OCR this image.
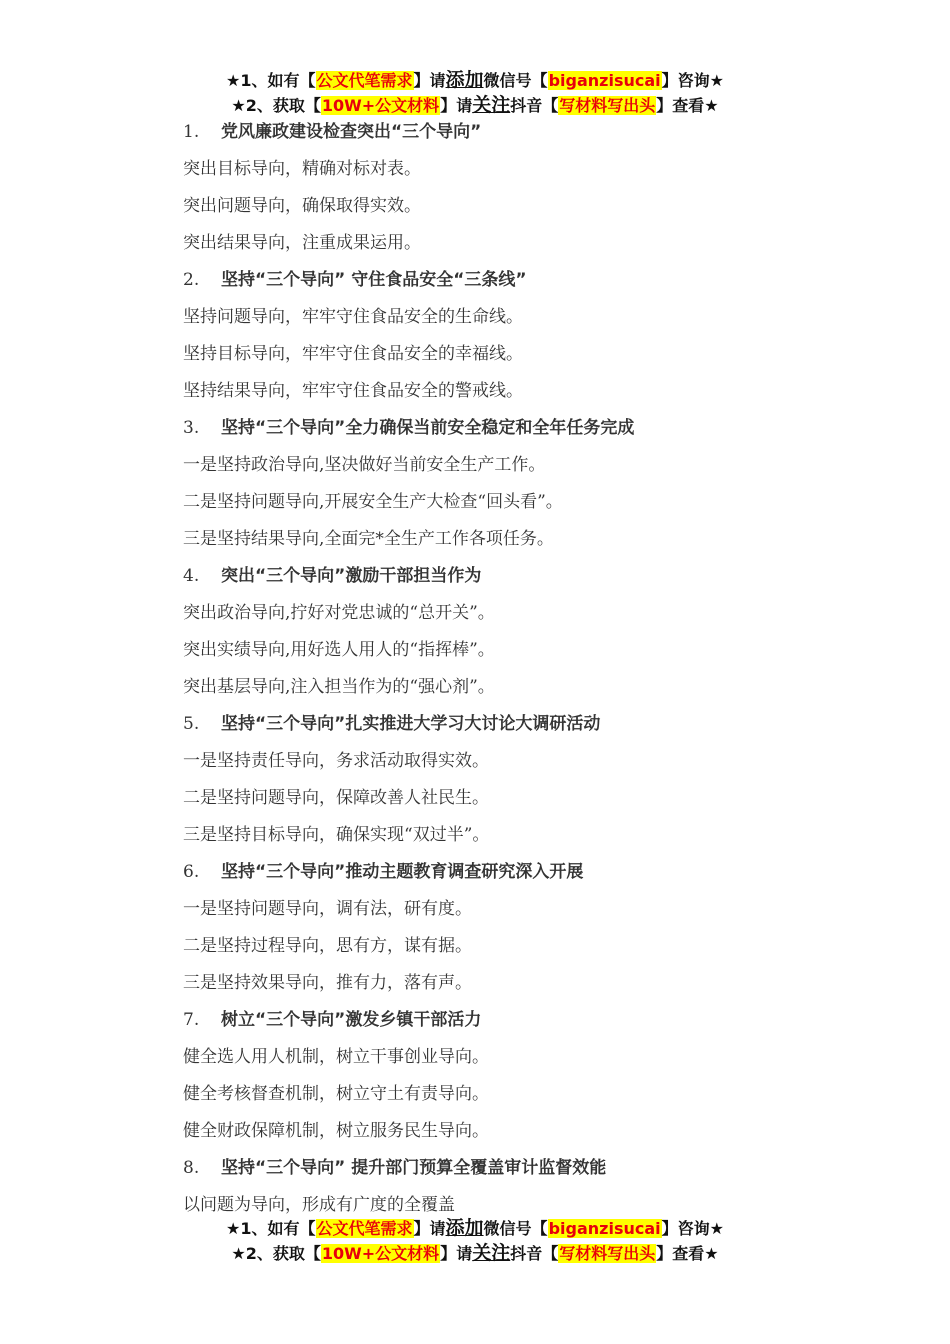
★1、如有【公文代笔需求】请添加微信号【biganzisucai】咨询★
★2、获取【10W+公文材料】请关注抖音【写材料写出头】查看★
1. 党风廉政建设检查突出“三个导向”
突出目标导向，精确对标对表。
突出问题导向，确保取得实效。
突出结果导向，注重成果运用。
2. 坚持“三个导向” 守住食品安全“三条线”
坚持问题导向，牢牢守住食品安全的生命线。
坚持目标导向，牢牢守住食品安全的幸福线。
坚持结果导向，牢牢守住食品安全的警戒线。
3. 坚持“三个导向”全力确保当前安全稳定和全年任务完成
一是坚持政治导向,坚决做好当前安全生产工作。
二是坚持问题导向,开展安全生产大检查“回头看”。
三是坚持结果导向,全面完*全生产工作各项任务。
4. 突出“三个导向”激励干部担当作为
突出政治导向,拧好对党忠诚的“总开关”。
突出实绩导向,用好选人用人的“指挥棒”。
突出基层导向,注入担当作为的“强心剂”。
5. 坚持“三个导向”扎实推进大学习大讨论大调研活动
一是坚持责任导向，务求活动取得实效。
二是坚持问题导向，保障改善人社民生。
三是坚持目标导向，确保实现“双过半”。
6. 坚持“三个导向”推动主题教育调查研究深入开展
一是坚持问题导向，调有法，研有度。
二是坚持过程导向，思有方，谋有据。
三是坚持效果导向，推有力，落有声。
7. 树立“三个导向”激发乡镇干部活力
健全选人用人机制，树立干事创业导向。
健全考核督查机制，树立守土有责导向。
健全财政保障机制，树立服务民生导向。
8. 坚持“三个导向” 提升部门预算全覆盖审计监督效能
以问题为导向，形成有广度的全覆盖
★1、如有【公文代笔需求】请添加微信号【biganzisucai】咨询★
★2、获取【10W+公文材料】请关注抖音【写材料写出头】查看★
